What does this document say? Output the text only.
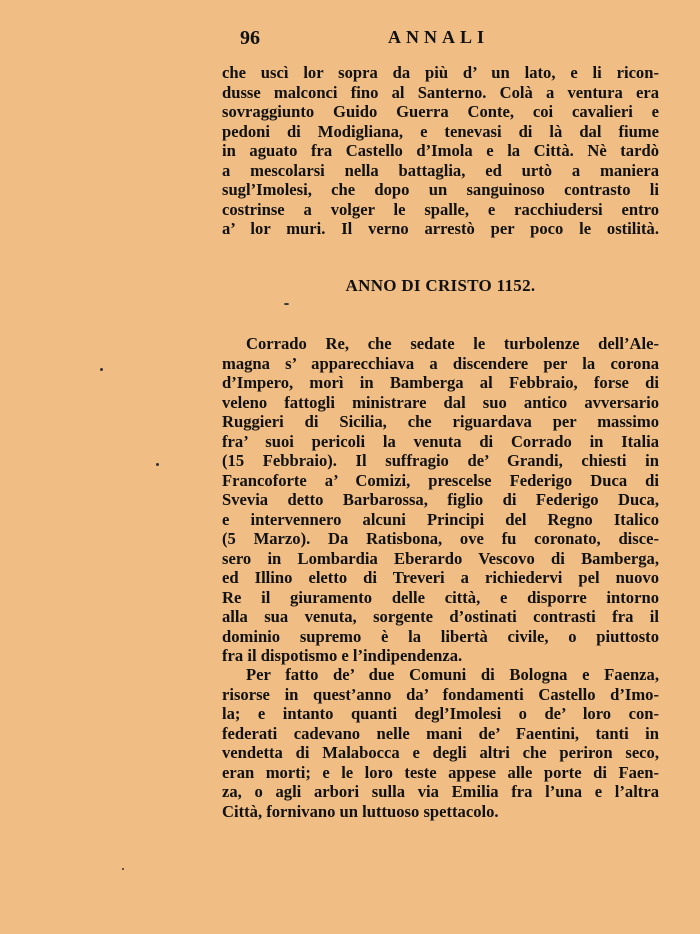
96	ANNALI
che uscì lor sopra da più d’ un lato, e li ricon-
dusse malconci fino al Santerno. Colà a ventura era
sovraggiunto Guido Guerra Conte, coi cavalieri e
pedoni di Modigliana, e tenevasi di là dal fiume
in aguato fra Castello d’Imola e la Città. Nè tardò
a mescolarsi nella battaglia, ed urtò a maniera
sugl’Imolesi, che dopo un sanguinoso contrasto li
costrinse a volger le spalle, e racchiudersi entro
a’ lor muri. Il verno arrestò per poco le ostilità.
ANNO DI CRISTO 1152.
Corrado Re, che sedate le turbolenze dell’Ale-
magna s’ apparecchiava a discendere per la corona
d’Impero, morì in Bamberga al Febbraio, forse di
veleno fattogli ministrare dal suo antico avversario
Ruggieri di Sicilia, che riguardava per massimo
fra’ suoi pericoli la venuta di Corrado in Italia
(15 Febbraio). Il suffragio de’ Grandi, chiesti in
Francoforte a’ Comizi, prescelse Federigo Duca di
Svevia detto Barbarossa, figlio di Federigo Duca,
e intervennero alcuni Principi del Regno Italico
(5 Marzo). Da Ratisbona, ove fu coronato, disce-
sero in Lombardia Eberardo Vescovo di Bamberga,
ed Illino eletto di Treveri a richiedervi pel nuovo
Re il giuramento delle città, e disporre intorno
alla sua venuta, sorgente d’ostinati contrasti fra il
dominio supremo è la libertà civile, o piuttosto
fra il dispotismo e l’indipendenza.
Per fatto de’ due Comuni di Bologna e Faenza,
risorse in quest’anno da’ fondamenti Castello d’Imo-
la; e intanto quanti degl’Imolesi o de’ loro con-
federati cadevano nelle mani de’ Faentini, tanti in
vendetta di Malabocca e degli altri che periron seco,
eran morti; e le loro teste appese alle porte di Faen-
za, o agli arbori sulla via Emilia fra l’una e l’altra
Città, fornivano un luttuoso spettacolo.
